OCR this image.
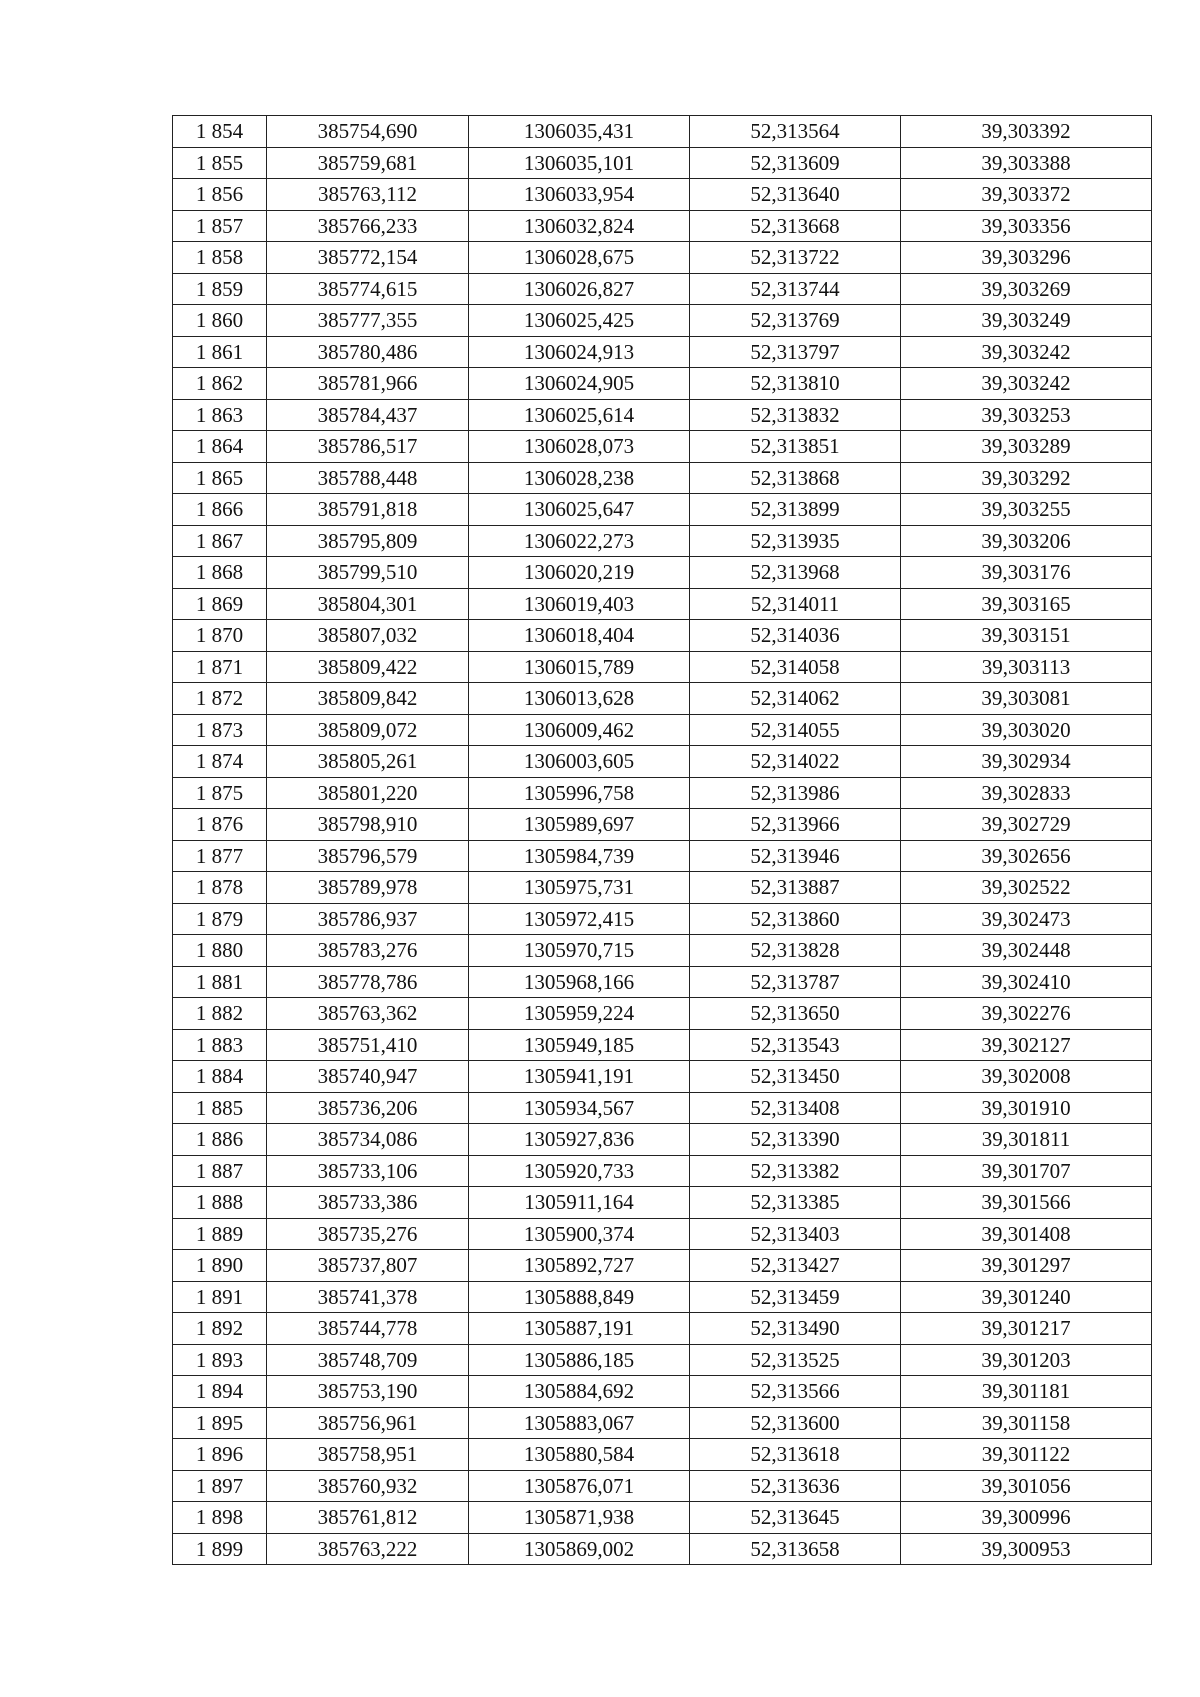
1 854	385754,690	1306035,431	52,313564	39,303392
1 855	385759,681	1306035,101	52,313609	39,303388
1 856	385763,112	1306033,954	52,313640	39,303372
1 857	385766,233	1306032,824	52,313668	39,303356
1 858	385772,154	1306028,675	52,313722	39,303296
1 859	385774,615	1306026,827	52,313744	39,303269
1 860	385777,355	1306025,425	52,313769	39,303249
1 861	385780,486	1306024,913	52,313797	39,303242
1 862	385781,966	1306024,905	52,313810	39,303242
1 863	385784,437	1306025,614	52,313832	39,303253
1 864	385786,517	1306028,073	52,313851	39,303289
1 865	385788,448	1306028,238	52,313868	39,303292
1 866	385791,818	1306025,647	52,313899	39,303255
1 867	385795,809	1306022,273	52,313935	39,303206
1 868	385799,510	1306020,219	52,313968	39,303176
1 869	385804,301	1306019,403	52,314011	39,303165
1 870	385807,032	1306018,404	52,314036	39,303151
1 871	385809,422	1306015,789	52,314058	39,303113
1 872	385809,842	1306013,628	52,314062	39,303081
1 873	385809,072	1306009,462	52,314055	39,303020
1 874	385805,261	1306003,605	52,314022	39,302934
1 875	385801,220	1305996,758	52,313986	39,302833
1 876	385798,910	1305989,697	52,313966	39,302729
1 877	385796,579	1305984,739	52,313946	39,302656
1 878	385789,978	1305975,731	52,313887	39,302522
1 879	385786,937	1305972,415	52,313860	39,302473
1 880	385783,276	1305970,715	52,313828	39,302448
1 881	385778,786	1305968,166	52,313787	39,302410
1 882	385763,362	1305959,224	52,313650	39,302276
1 883	385751,410	1305949,185	52,313543	39,302127
1 884	385740,947	1305941,191	52,313450	39,302008
1 885	385736,206	1305934,567	52,313408	39,301910
1 886	385734,086	1305927,836	52,313390	39,301811
1 887	385733,106	1305920,733	52,313382	39,301707
1 888	385733,386	1305911,164	52,313385	39,301566
1 889	385735,276	1305900,374	52,313403	39,301408
1 890	385737,807	1305892,727	52,313427	39,301297
1 891	385741,378	1305888,849	52,313459	39,301240
1 892	385744,778	1305887,191	52,313490	39,301217
1 893	385748,709	1305886,185	52,313525	39,301203
1 894	385753,190	1305884,692	52,313566	39,301181
1 895	385756,961	1305883,067	52,313600	39,301158
1 896	385758,951	1305880,584	52,313618	39,301122
1 897	385760,932	1305876,071	52,313636	39,301056
1 898	385761,812	1305871,938	52,313645	39,300996
1 899	385763,222	1305869,002	52,313658	39,300953
